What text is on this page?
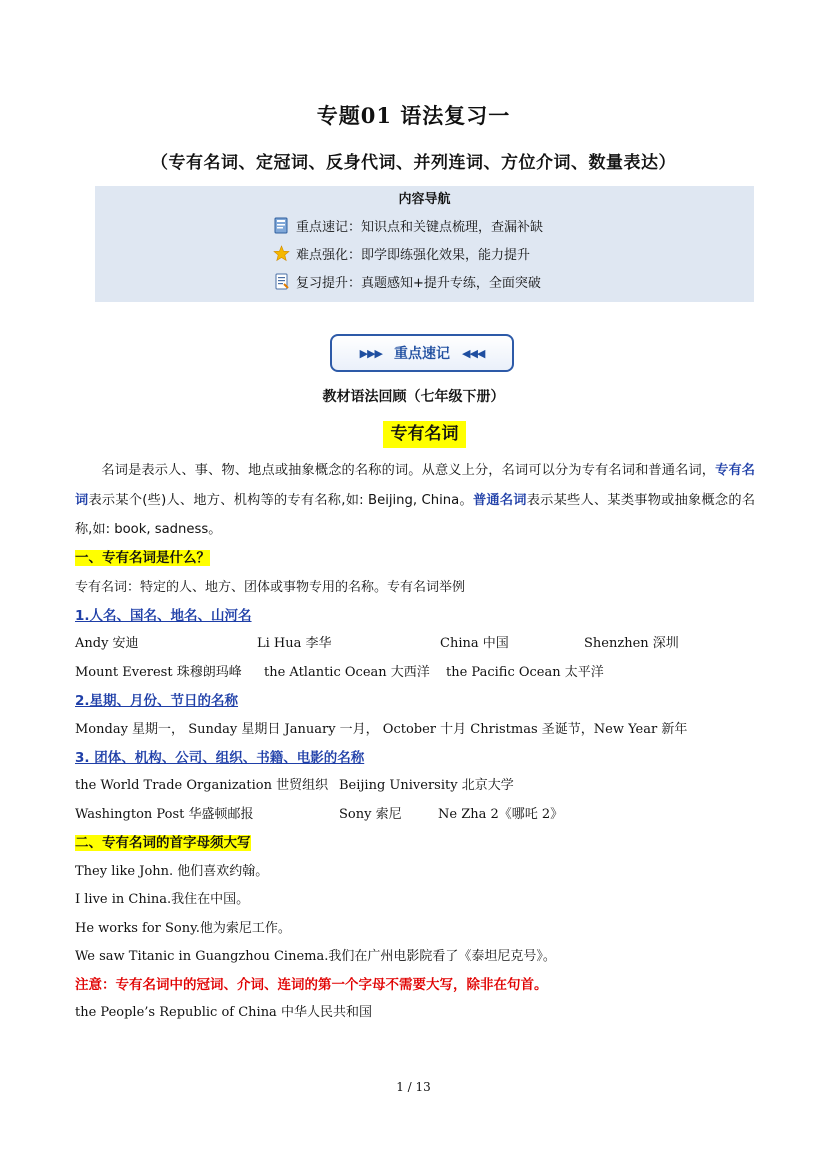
专题01 语法复习一
（专有名词、定冠词、反身代词、并列连词、方位介词、数量表达）
内容导航
重点速记：知识点和关键点梳理，查漏补缺
难点强化：即学即练强化效果，能力提升
复习提升：真题感知+提升专练，全面突破
▶▶▶ 重点速记 ◀◀◀
教材语法回顾（七年级下册）
专有名词
名词是表示人、事、物、地点或抽象概念的名称的词。从意义上分，名词可以分为专有名词和普通名词，专有名词表示某个(些)人、地方、机构等的专有名称,如: Beijing, China。普通名词表示某些人、某类事物或抽象概念的名称,如: book, sadness。
一、专有名词是什么？
专有名词：特定的人、地方、团体或事物专用的名称。专有名词举例
1.人名、国名、地名、山河名
Andy 安迪	Li Hua 李华	China 中国	Shenzhen 深圳
Mount Everest 珠穆朗玛峰 the Atlantic Ocean 大西洋 the Pacific Ocean 太平洋
2.星期、月份、节日的名称
Monday 星期一， Sunday 星期日 January 一月， October 十月 Christmas 圣诞节，New Year 新年
3. 团体、机构、公司、组织、书籍、电影的名称
the World Trade Organization 世贸组织 Beijing University 北京大学
Washington Post 华盛顿邮报	Sony 索尼	Ne Zha 2《哪吒 2》
二、专有名词的首字母须大写
They like John. 他们喜欢约翰。
I live in China.我住在中国。
He works for Sony.他为索尼工作。
We saw Titanic in Guangzhou Cinema.我们在广州电影院看了《泰坦尼克号》。
注意：专有名词中的冠词、介词、连词的第一个字母不需要大写，除非在句首。
the People’s Republic of China 中华人民共和国
1 / 13
